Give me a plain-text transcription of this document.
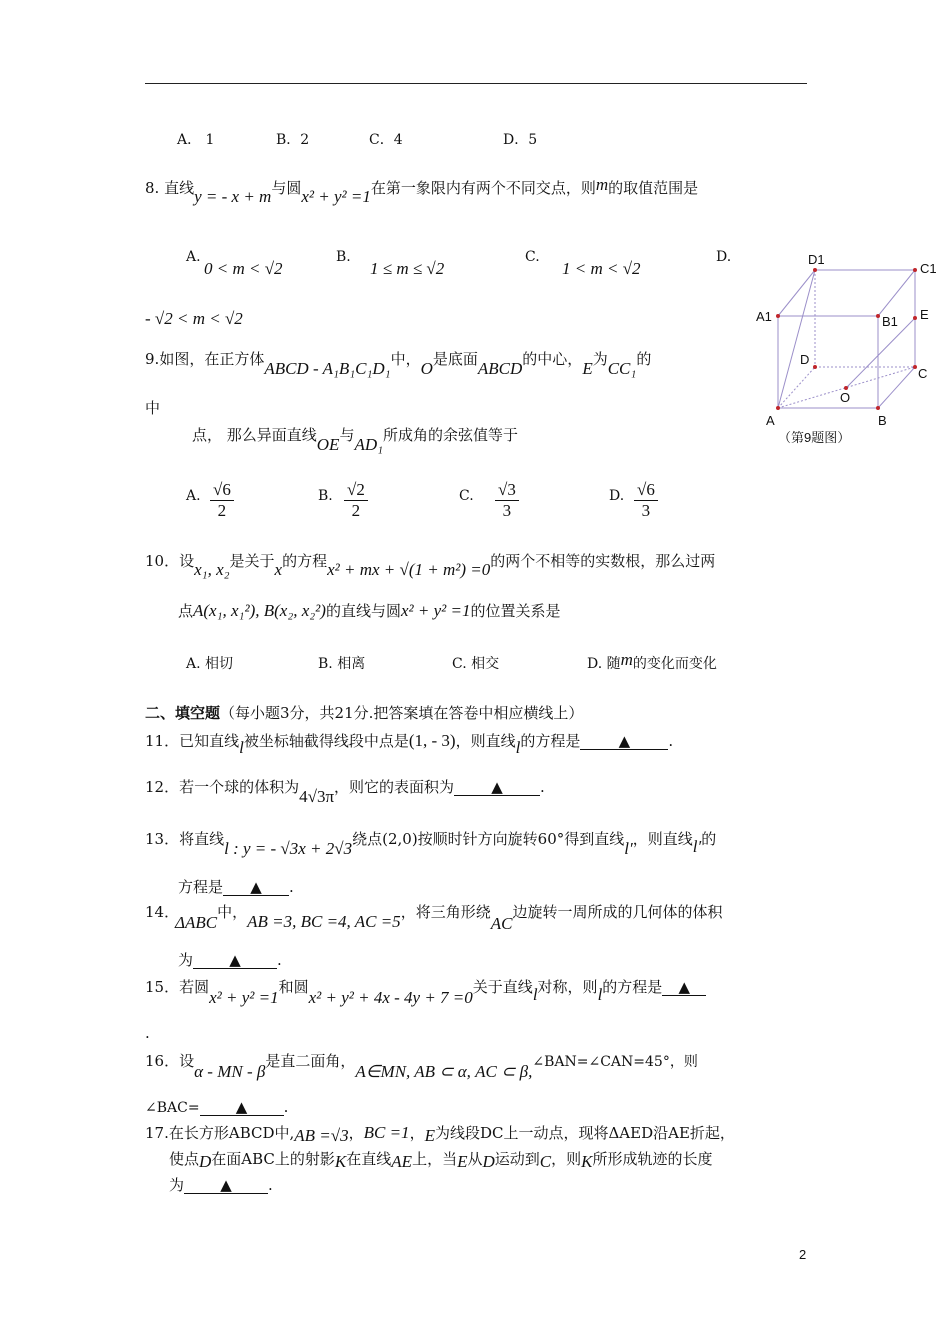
A． 1	B．2	C．4	D．5
8. 直线y = - x + m与圆x² + y² =1在第一象限内有两个不同交点，则m的取值范围是
A.
0 < m < √2
B.
1 ≤ m ≤ √2
C.
1 < m < √2
D.
- √2 < m < √2
9.如图，在正方体ABCD - A₁B₁C₁D₁中，O是底面ABCD的中心，E为CC₁的
中
点， 那么异面直线OE与AD₁所成角的余弦值等于
A. $\frac{√6}{2}$	B. $\frac{√2}{2}$	C. $\frac{√3}{3}$	D. $\frac{√6}{3}$
D1
C1
A1	B1 E
D
C
O
A	B
（第9题图）
10．设x₁, x₂是关于x的方程x² + mx + √(1 + m²) =0的两个不相等的实数根，那么过两
点A(x₁, x₁²), B(x₂, x₂²)的直线与圆x² + y² =1的位置关系是
A. 相切	B. 相离	C. 相交	D. 随m的变化而变化
二、填空题（每小题3分，共21分.把答案填在答卷中相应横线上）
11．已知直线l被坐标轴截得线段中点是(1, - 3)，则直线l的方程是	▲	.
12．若一个球的体积为4√3π，则它的表面积为 ▲ .
13．将直线l : y = - √3x + 2√3绕点(2,0)按顺时针方向旋转60°得到直线l′，则直线l′的
方程是 ▲ .
14．
ΔABC中，AB =3, BC =4, AC =5，将三角形绕AC边旋转一周所成的几何体的体积
为 ▲ .
15．若圆x² + y² =1和圆x² + y² + 4x - 4y + 7 =0关于直线l对称，则l的方程是 ▲
.
16．设α - MN - β是直二面角，A∈MN, AB ⊂ α, AC ⊂ β,∠BAN=∠CAN=45°，则
∠BAC= ▲ .
17.在长方形ABCD中,AB =√3，BC =1，E为线段DC上一动点，现将ΔAED沿AE折起，
使点D在面ABC上的射影K在直线AE上，当E从D运动到C，则K所形成轨迹的长度
为 ▲ .
2
